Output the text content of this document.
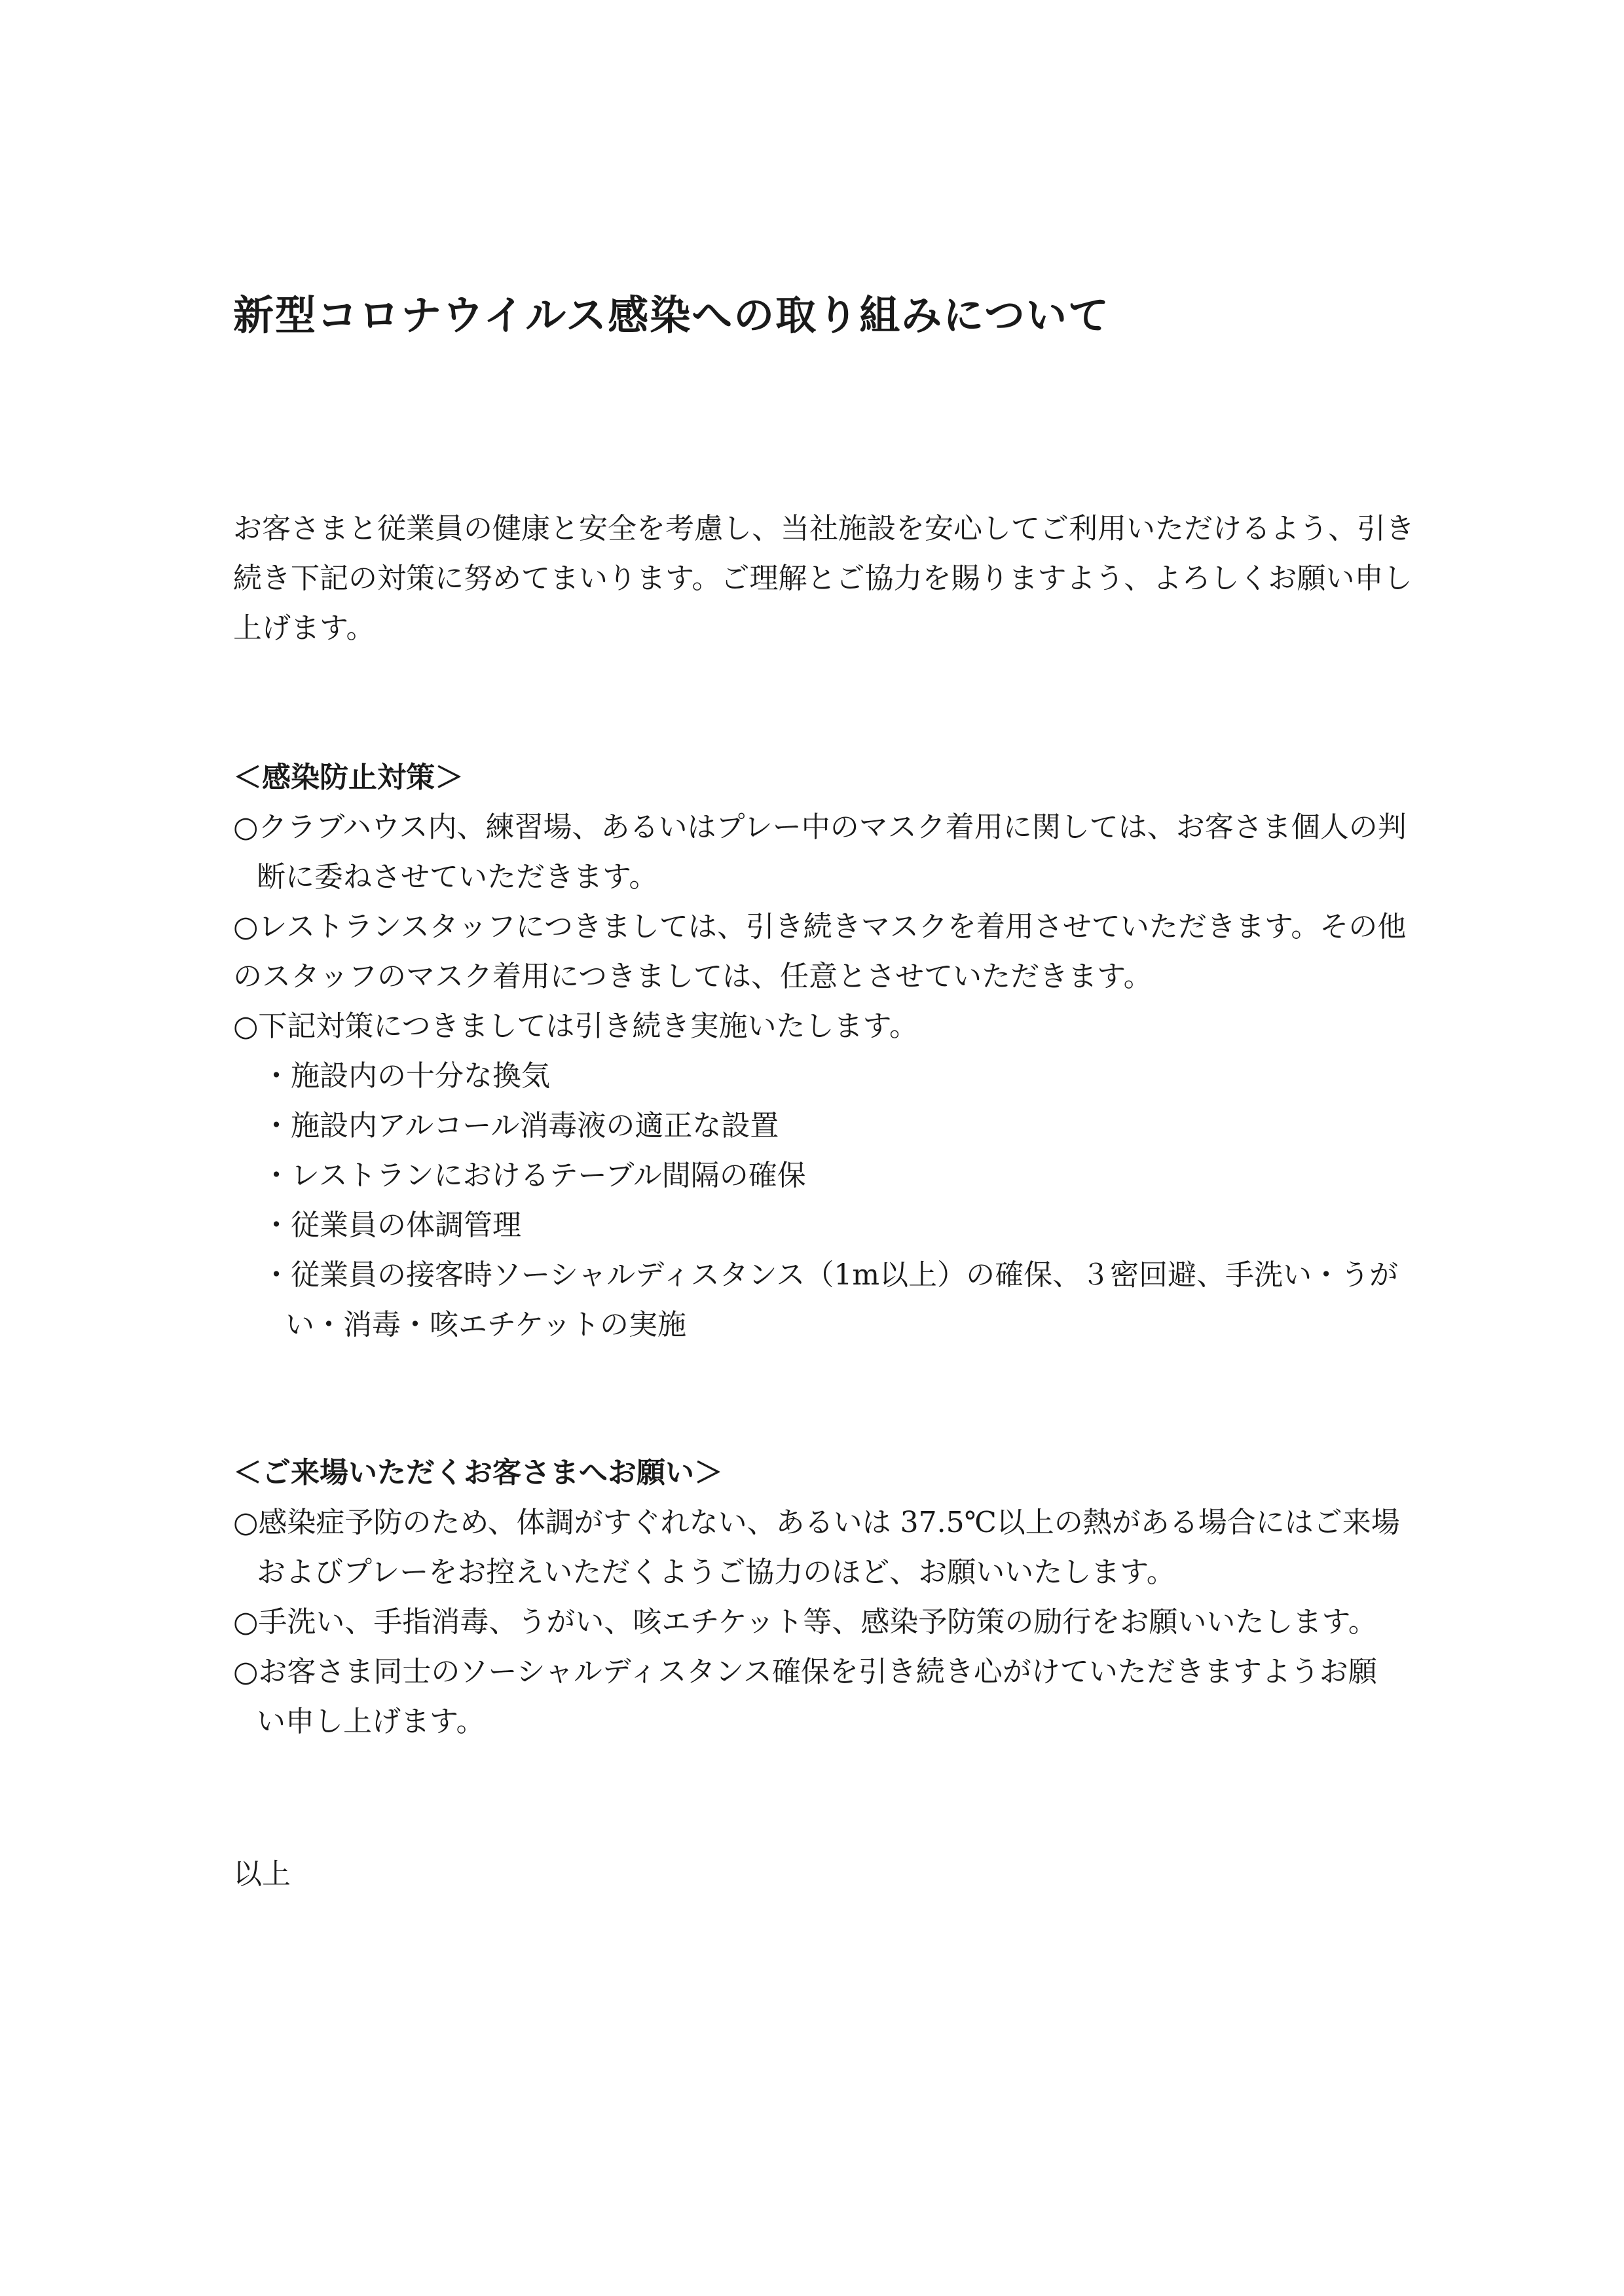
新型コロナウイルス感染への取り組みについて

お客さまと従業員の健康と安全を考慮し、当社施設を安心してご利用いただけるよう、引き

続き下記の対策に努めてまいります。ご理解とご協力を賜りますよう、よろしくお願い申し

上げます。

＜感染防止対策＞

○クラブハウス内、練習場、あるいはプレー中のマスク着用に関しては、お客さま個人の判
断に委ねさせていただきます。

○レストランスタッフにつきましては、引き続きマスクを着用させていただきます。その他
のスタッフのマスク着用につきましては、任意とさせていただきます。

○下記対策につきましては引き続き実施いたします。

・施設内の十分な換気
・施設内アルコール消毒液の適正な設置
・レストランにおけるテーブル間隔の確保
・従業員の体調管理
・従業員の接客時ソーシャルディスタンス（1m以上）の確保、３密回避、手洗い・うが
い・消毒・咳エチケットの実施

＜ご来場いただくお客さまへお願い＞

○感染症予防のため、体調がすぐれない、あるいは 37.5℃以上の熱がある場合にはご来場
およびプレーをお控えいただくようご協力のほど、お願いいたします。

○手洗い、手指消毒、うがい、咳エチケット等、感染予防策の励行をお願いいたします。

○お客さま同士のソーシャルディスタンス確保を引き続き心がけていただきますようお願
い申し上げます。

以上
